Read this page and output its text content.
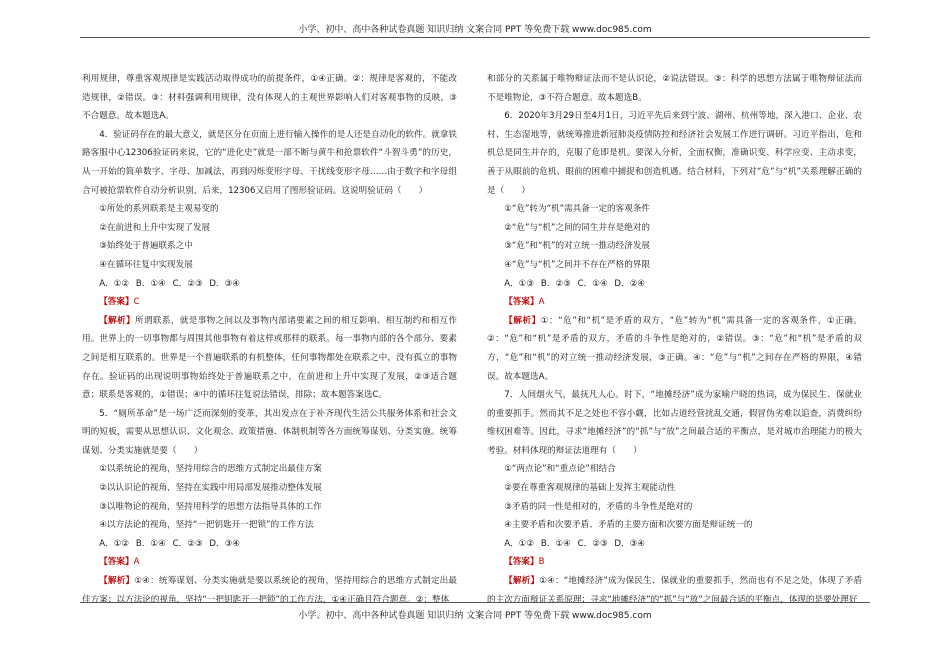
小学、初中、高中各种试卷真题 知识归纳 文案合同 PPT 等免费下载 www.doc985.com

利用规律，尊重客观规律是实践活动取得成功的前提条件，①④正确。②：规律是客观的，不能改造规律，②错误。③：材料强调利用规律，没有体现人的主观世界影响人们对客观事物的反映，③不合题意。故本题选A。

4．验证码存在的最大意义，就是区分在页面上进行输入操作的是人还是自动化的软件。就拿铁路客服中心12306验证码来说，它的“进化史”就是一部不断与黄牛和抢票软件“斗智斗勇”的历史，从一开始的简单数字、字母、加减法，再到闪烁变形字母、干扰线变形字母……由于数字和字母组合可被抢票软件自动分析识别，后来，12306又启用了图形验证码。这说明验证码（　　）

①所处的系列联系是主观易变的

②在前进和上升中实现了发展

③始终处于普遍联系之中

④在循环往复中实现发展

A．①② B．①④ C．②③ D．③④

【答案】C

【解析】所谓联系，就是事物之间以及事物内部诸要素之间的相互影响、相互制约和相互作用。世界上的一切事物都与周围其他事物有着这样或那样的联系。每一事物内部的各个部分、要素之间是相互联系的。世界是一个普遍联系的有机整体，任何事物都处在联系之中，没有孤立的事物存在。验证码的出现说明事物始终处于普遍联系之中，在前进和上升中实现了发展，②③适合题意；联系是客观的，①错误；④中的循环往复说法错误，排除；故本题答案选C。

5．“厕所革命”是一场广泛而深刻的变革，其出发点在于补齐现代生活公共服务体系和社会文明的短板，需要从思想认识、文化观念、政策措施、体制机制等各方面统筹谋划、分类实施。统筹谋划、分类实施就是要（　　）

①以系统论的视角，坚持用综合的思维方式制定出最佳方案

②以认识论的视角，坚持在实践中用局部发展推动整体发展

③以唯物论的视角，坚持用科学的思想方法指导具体的工作

④以方法论的视角，坚持“一把钥匙开一把锁”的工作方法

A．①② B．①④ C．②③ D．③④

【答案】A

【解析】①④：统筹谋划、分类实施就是要以系统论的视角，坚持用综合的思维方式制定出最佳方案；以方法论的视角，坚持“一把钥匙开一把锁”的工作方法，①④正确且符合题意。②：整体

和部分的关系属于唯物辩证法而不是认识论，②说法错误。③：科学的思想方法属于唯物辩证法而不是唯物论，③不符合题意。故本题选B。

6．2020年3月29日至4月1日，习近平先后来到宁波、湖州、杭州等地，深入港口、企业、农村、生态湿地等，就统筹推进新冠肺炎疫情防控和经济社会发展工作进行调研。习近平指出，危和机总是同生并存的，克服了危即是机。要深入分析，全面权衡，准确识变、科学应变、主动求变，善于从眼前的危机、眼前的困难中捕捉和创造机遇。结合材料，下列对“危”与“机”关系理解正确的是（　　）

①“危”转为“机”需具备一定的客观条件

②“危”与“机”之间的同生并存是绝对的

③“危”和“机”的对立统一推动经济发展

④“危”与“机”之间并不存在严格的界限

A．①③ B．②③ C．①④ D．②④

【答案】A

【解析】①：“危”和“机”是矛盾的双方，“危”转为“机”需具备一定的客观条件，①正确。②：“危”和“机”是矛盾的双方，矛盾的斗争性是绝对的，②错误。③：“危”和“机”是矛盾的双方，“危”和“机”的对立统一推动经济发展，③正确。④：“危”与“机”之间存在严格的界限，④错误。故本题选A。

7．人间烟火气，最抚凡人心。时下，“地摊经济”成为家喻户晓的热词，成为保民生、保就业的重要抓手。然而其不足之处也不容小觑，比如占道经营扰乱交通，假冒伪劣难以追查，消费纠纷维权困难等。因此，寻求“地摊经济”的“抓”与“放”之间最合适的平衡点，是对城市治理能力的极大考验。材料体现的辩证法道理有（　　）

①“两点论”和“重点论”相结合

②要在尊重客观规律的基础上发挥主观能动性

③矛盾的同一性是相对的，矛盾的斗争性是绝对的

④主要矛盾和次要矛盾、矛盾的主要方面和次要方面是辩证统一的

A．①② B．①④ C．②③ D．③④

【答案】B

【解析】①④：“地摊经济”成为保民生、保就业的重要抓手，然而也有不足之处，体现了矛盾的主次方面辩证关系原理；寻求“地摊经济”的“抓”与“放”之间最合适的平衡点，体现的是要处理好

小学、初中、高中各种试卷真题 知识归纳 文案合同 PPT 等免费下载 www.doc985.com
